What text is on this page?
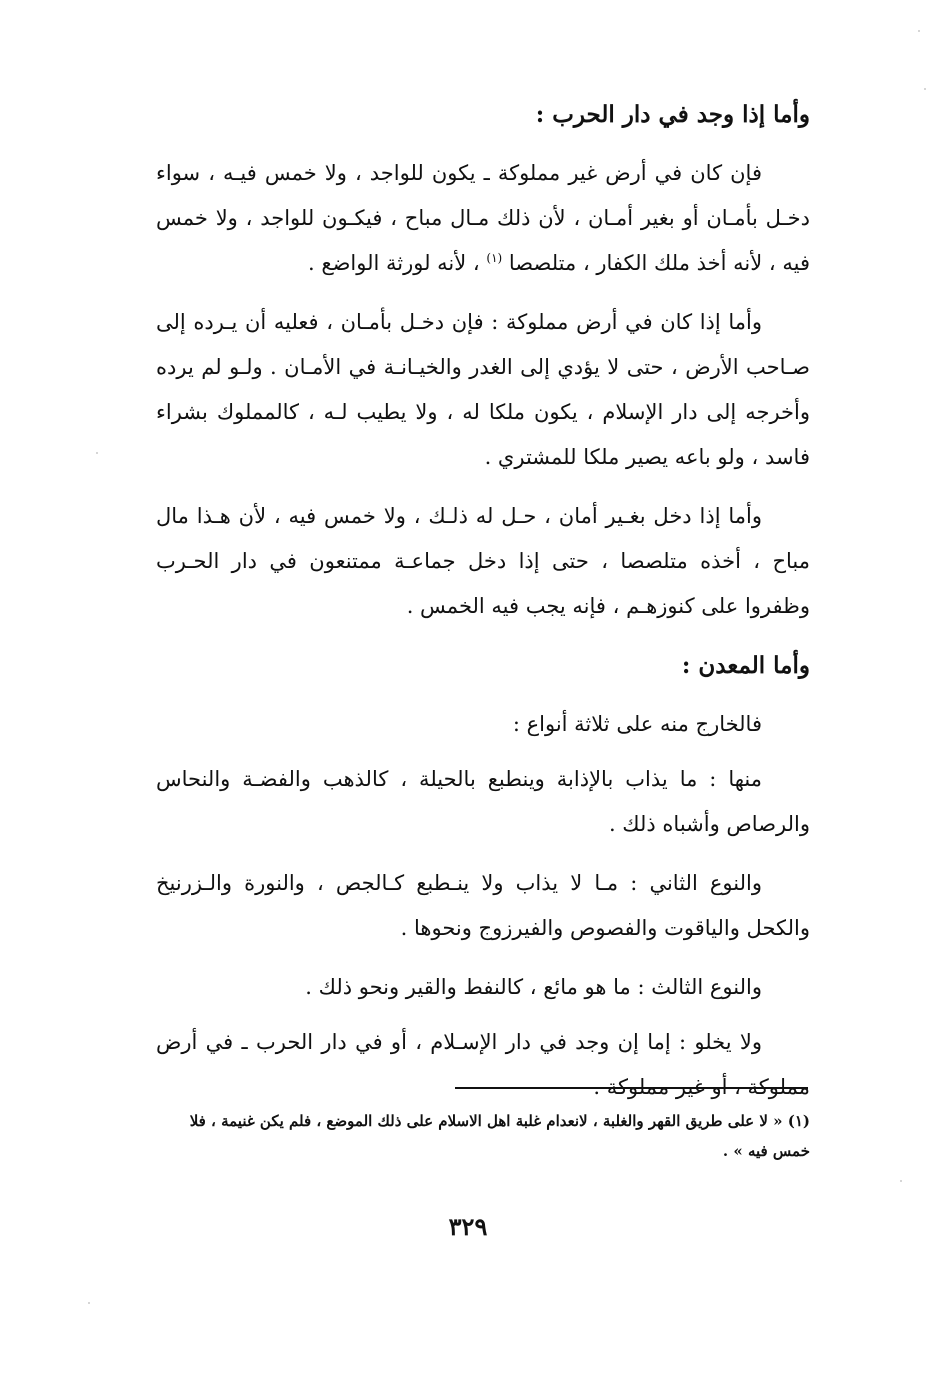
وأما إذا وجد في دار الحرب :

فإن كان في أرض غير مملوكة ـ يكون للواجد ، ولا خمس فيـه ، سواء دخـل بأمـان أو بغير أمـان ، لأن ذلك مـال مباح ، فيكـون للواجد ، ولا خمس فيه ، لأنه أخذ ملك الكفار ، متلصصا $^{(١)}$ ، لأنه لورثة الواضع .

وأما إذا كان في أرض مملوكة : فإن دخـل بأمـان ، فعليه أن يـرده إلى صـاحب الأرض ، حتى لا يؤدي إلى الغدر والخيـانـة في الأمـان . ولـو لم يرده وأخرجه إلى دار الإسلام ، يكون ملكا له ، ولا يطيب لـه ، كالمملوك بشراء فاسد ، ولو باعه يصير ملكا للمشتري .

وأما إذا دخل بغـير أمان ، حـل له ذلـك ، ولا خمس فيه ، لأن هـذا مال مباح ، أخذه متلصصا ، حتى إذا دخل جماعـة ممتنعون في دار الحـرب وظفروا على كنوزهـم ، فإنه يجب فيه الخمس .

وأما المعدن :

فالخارج منه على ثلاثة أنواع :

منها : ما يذاب بالإذابة وينطبع بالحيلة ، كالذهب والفضـة والنحاس والرصاص وأشباه ذلك .

والنوع الثاني : مـا لا يذاب ولا ينـطبع كـالجص ، والنورة والـزرنيخ والكحل والياقوت والفصوص والفيرزوج ونحوها .

والنوع الثالث : ما هو مائع ، كالنفط والقير ونحو ذلك .

ولا يخلو : إما إن وجد في دار الإسـلام ، أو في دار الحرب ـ في أرض مملوكة ، أو غير مملوكة .

(١) « لا على طريق القهر والغلبة ، لانعدام غلبة اهل الاسلام على ذلك الموضع ، فلم يكن غنيمة ، فلا خمس فيه » .
٣٢٩
